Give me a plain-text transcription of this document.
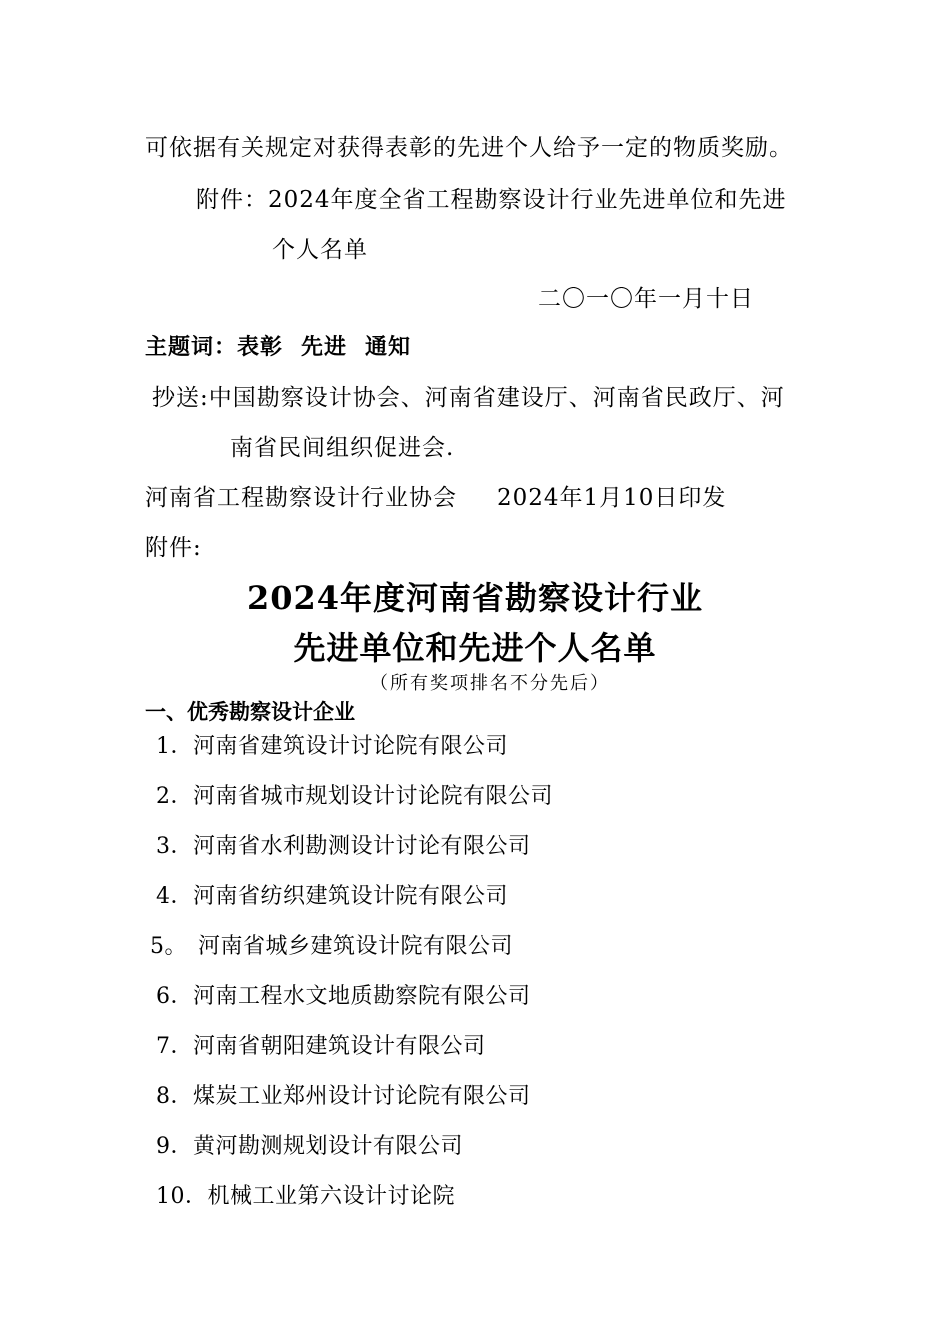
可依据有关规定对获得表彰的先进个人给予一定的物质奖励。
附件：2024年度全省工程勘察设计行业先进单位和先进
个人名单
二〇一〇年一月十日
主题词：表彰 先进 通知
抄送:中国勘察设计协会、河南省建设厅、河南省民政厅、河
南省民间组织促进会.
河南省工程勘察设计行业协会 2024年1月10日印发
附件:
2024年度河南省勘察设计行业
先进单位和先进个人名单
（所有奖项排名不分先后）
一、优秀勘察设计企业
1．河南省建筑设计讨论院有限公司
2．河南省城市规划设计讨论院有限公司
3．河南省水利勘测设计讨论有限公司
4．河南省纺织建筑设计院有限公司
5。 河南省城乡建筑设计院有限公司
6．河南工程水文地质勘察院有限公司
7．河南省朝阳建筑设计有限公司
8．煤炭工业郑州设计讨论院有限公司
9．黄河勘测规划设计有限公司
10．机械工业第六设计讨论院
